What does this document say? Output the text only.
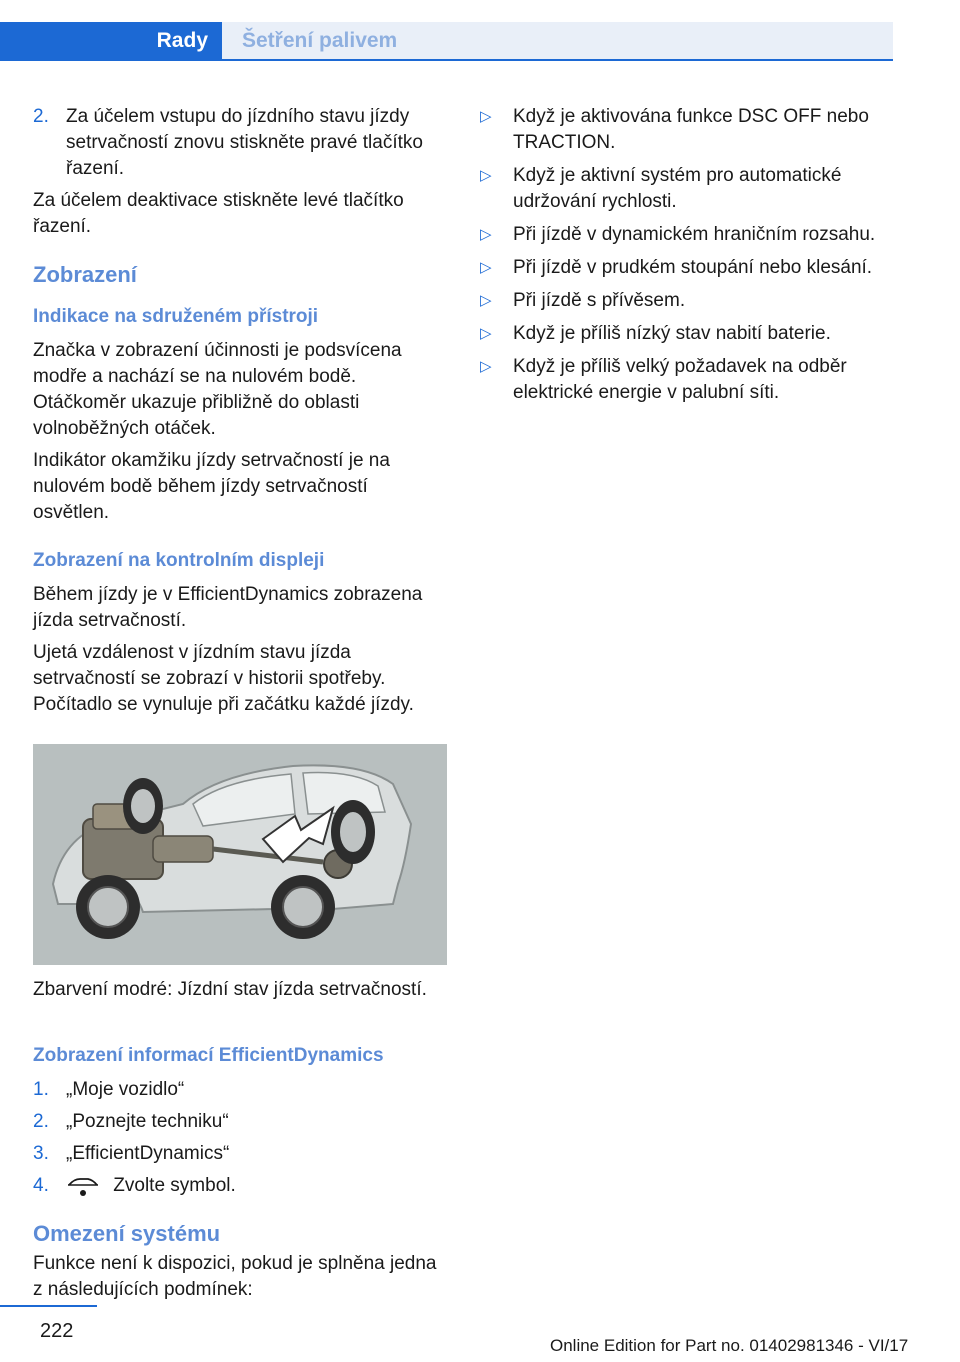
Rady Šetření palivem
2. Za účelem vstupu do jízdního stavu jízdy setrvačností znovu stiskněte pravé tlačítko řazení.

Za účelem deaktivace stiskněte levé tlačítko řazení.

Zobrazení
Indikace na sdruženém přístroji

Značka v zobrazení účinnosti je podsvícena modře a nachází se na nulovém bodě. Otáčkoměr ukazuje přibližně do oblasti volnoběžných otáček.

Indikátor okamžiku jízdy setrvačností je na nulovém bodě během jízdy setrvačností osvětlen.

Zobrazení na kontrolním displeji

Během jízdy je v EfficientDynamics zobrazena jízda setrvačností.

Ujetá vzdálenost v jízdním stavu jízda setrvačností se zobrazí v historii spotřeby. Počítadlo se vynuluje při začátku každé jízdy.

Zbarvení modré: Jízdní stav jízda setrvačností.

Zobrazení informací EfficientDynamics
1. „Moje vozidlo“
2. „Poznejte techniku“
3. „EfficientDynamics“
4.	Zvolte symbol.
Omezení systému

Funkce není k dispozici, pokud je splněna jedna z následujících podmínek:

▷ Když je aktivována funkce DSC OFF nebo TRACTION.
▷ Když je aktivní systém pro automatické udržování rychlosti.
▷ Při jízdě v dynamickém hraničním rozsahu.
▷ Při jízdě v prudkém stoupání nebo klesání.
▷ Při jízdě s přívěsem.
▷ Když je příliš nízký stav nabití baterie.
▷ Když je příliš velký požadavek na odběr elektrické energie v palubní síti.
222
Online Edition for Part no. 01402981346 - VI/17
